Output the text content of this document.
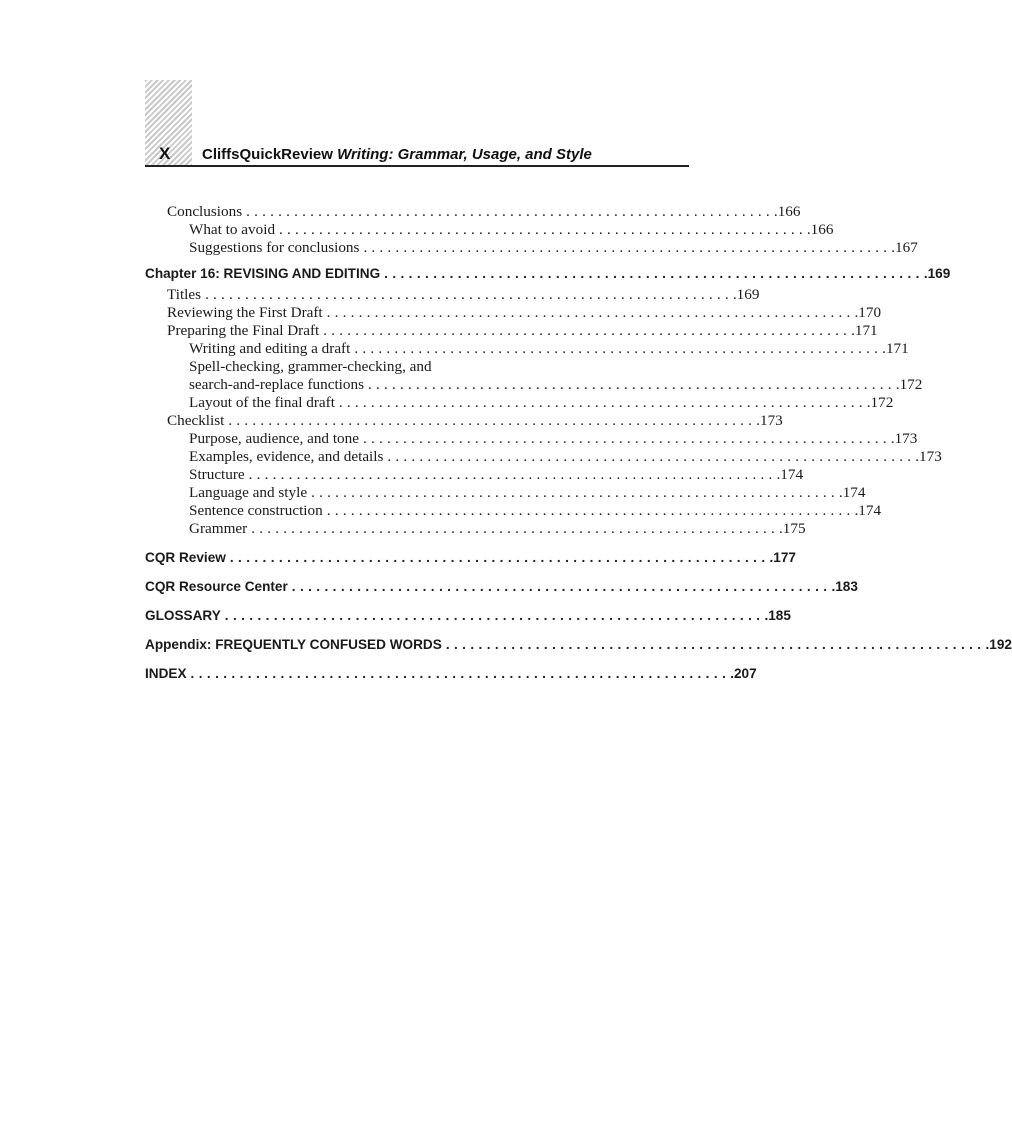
X CliffsQuickReview Writing: Grammar, Usage, and Style
Conclusions .................................................................. .166
What to avoid .................................................................. .166
Suggestions for conclusions .................................................................. .167
Chapter 16: REVISING AND EDITING .................................................................. .169
Titles .................................................................. .169
Reviewing the First Draft .................................................................. .170
Preparing the Final Draft .................................................................. .171
Writing and editing a draft .................................................................. .171
Spell-checking, grammer-checking, and
search-and-replace functions .................................................................. .172
Layout of the final draft .................................................................. .172
Checklist .................................................................. .173
Purpose, audience, and tone .................................................................. .173
Examples, evidence, and details .................................................................. .173
Structure .................................................................. .174
Language and style .................................................................. .174
Sentence construction .................................................................. .174
Grammer .................................................................. .175
CQR Review .................................................................. .177
CQR Resource Center .................................................................. .183
GLOSSARY .................................................................. .185
Appendix: FREQUENTLY CONFUSED WORDS .................................................................. .192
INDEX .................................................................. .207
